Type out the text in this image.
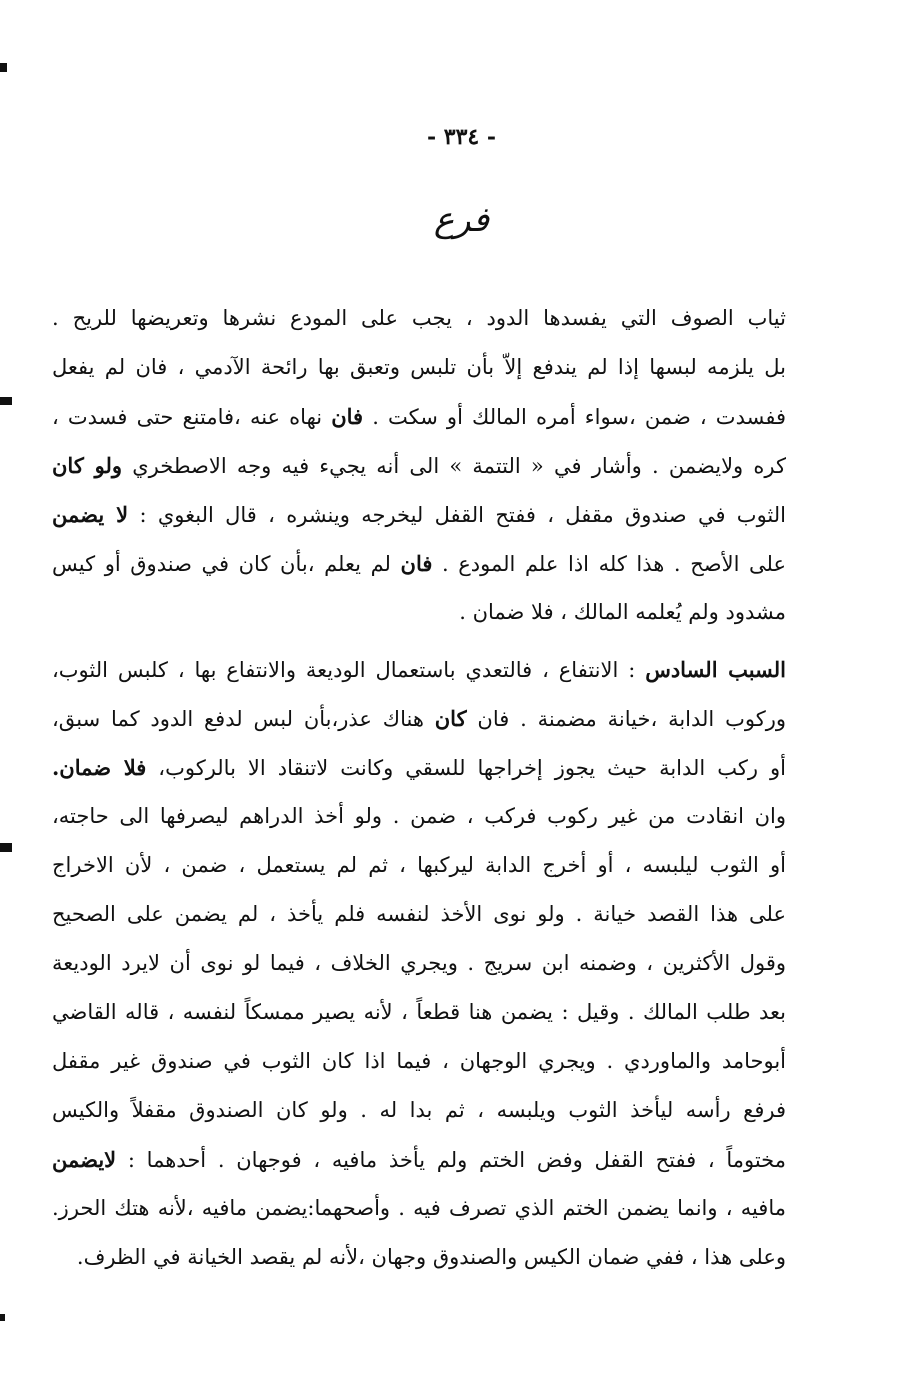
- ٣٣٤ -
فرع
ثياب الصوف التي يفسدها الدود ، يجب على المودع نشرها وتعريضها للريح .
بل يلزمه لبسها إذا لم يندفع إلاّ بأن تلبس وتعبق بها رائحة الآدمي ، فان لم يفعل
ففسدت ، ضمن ،سواء أمره المالك أو سكت . فان نهاه عنه ،فامتنع حتى فسدت ،
كره ولايضمن . وأشار في « التتمة » الى أنه يجيء فيه وجه الاصطخري ولو كان
الثوب في صندوق مقفل ، ففتح القفل ليخرجه وينشره ، قال البغوي : لا يضمن
على الأصح . هذا كله اذا علم المودع . فان لم يعلم ،بأن كان في صندوق أو كيس
مشدود ولم يُعلمه المالك ، فلا ضمان .
السبب السادس : الانتفاع ، فالتعدي باستعمال الوديعة والانتفاع بها ، كلبس الثوب،
وركوب الدابة ،خيانة مضمنة . فان كان هناك عذر،بأن لبس لدفع الدود كما سبق،
أو ركب الدابة حيث يجوز إخراجها للسقي وكانت لاتنقاد الا بالركوب، فلا ضمان.
وان انقادت من غير ركوب فركب ، ضمن . ولو أخذ الدراهم ليصرفها الى حاجته،
أو الثوب ليلبسه ، أو أخرج الدابة ليركبها ، ثم لم يستعمل ، ضمن ، لأن الاخراج
على هذا القصد خيانة . ولو نوى الأخذ لنفسه فلم يأخذ ، لم يضمن على الصحيح
وقول الأكثرين ، وضمنه ابن سريج . ويجري الخلاف ، فيما لو نوى أن لايرد الوديعة
بعد طلب المالك . وقيل : يضمن هنا قطعاً ، لأنه يصير ممسكاً لنفسه ، قاله القاضي
أبوحامد والماوردي . ويجري الوجهان ، فيما اذا كان الثوب في صندوق غير مقفل
فرفع رأسه ليأخذ الثوب ويلبسه ، ثم بدا له . ولو كان الصندوق مقفلاً والكيس
مختوماً ، ففتح القفل وفض الختم ولم يأخذ مافيه ، فوجهان . أحدهما : لايضمن
مافيه ، وانما يضمن الختم الذي تصرف فيه . وأصحهما:يضمن مافيه ،لأنه هتك الحرز.
وعلى هذا ، ففي ضمان الكيس والصندوق وجهان ،لأنه لم يقصد الخيانة في الظرف.
